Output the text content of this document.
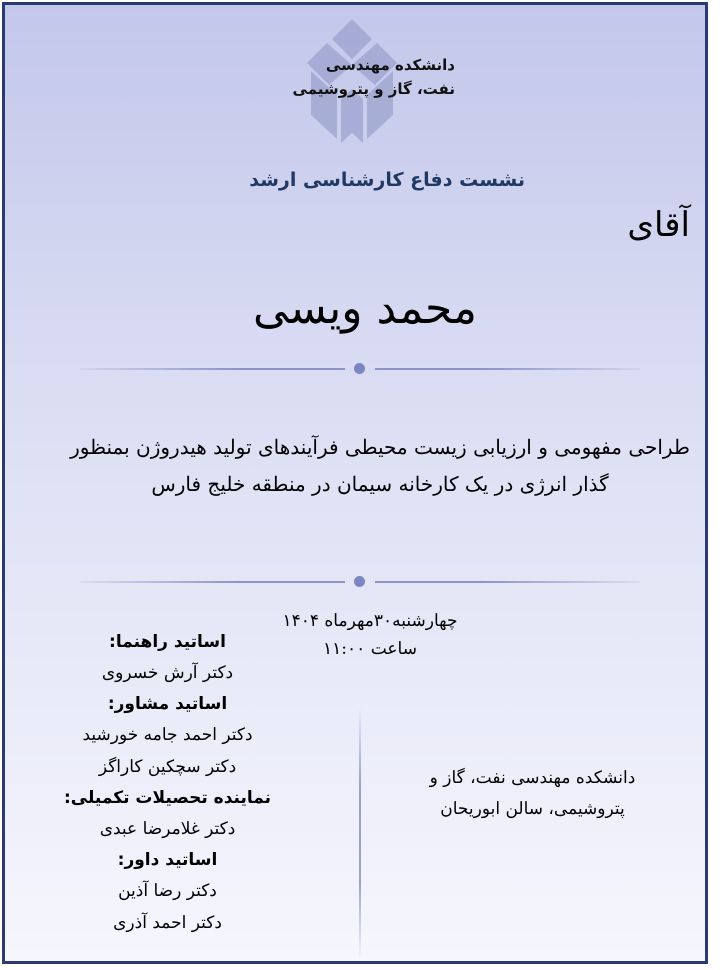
دانشکده مهندسی
نفت، گاز و پتروشیمی
نشست دفاع کارشناسی ارشد
آقای
محمد ویسی
طراحی مفهومی و ارزیابی زیست محیطی فرآیندهای تولید هیدروژن بمنظور گذار انرژی در یک کارخانه سیمان در منطقه خلیج فارس
چهارشنبه۳۰مهرماه ۱۴۰۴
ساعت ۱۱:۰۰
اساتید راهنما:
دکتر آرش خسروی
اساتید مشاور:
دکتر احمد جامه خورشید
دکتر سچکین کاراگز
نماینده تحصیلات تکمیلی:
دکتر غلامرضا عبدی
اساتید داور:
دکتر رضا آذین
دکتر احمد آذری
دانشکده مهندسی نفت، گاز و
پتروشیمی، سالن ابوریحان
